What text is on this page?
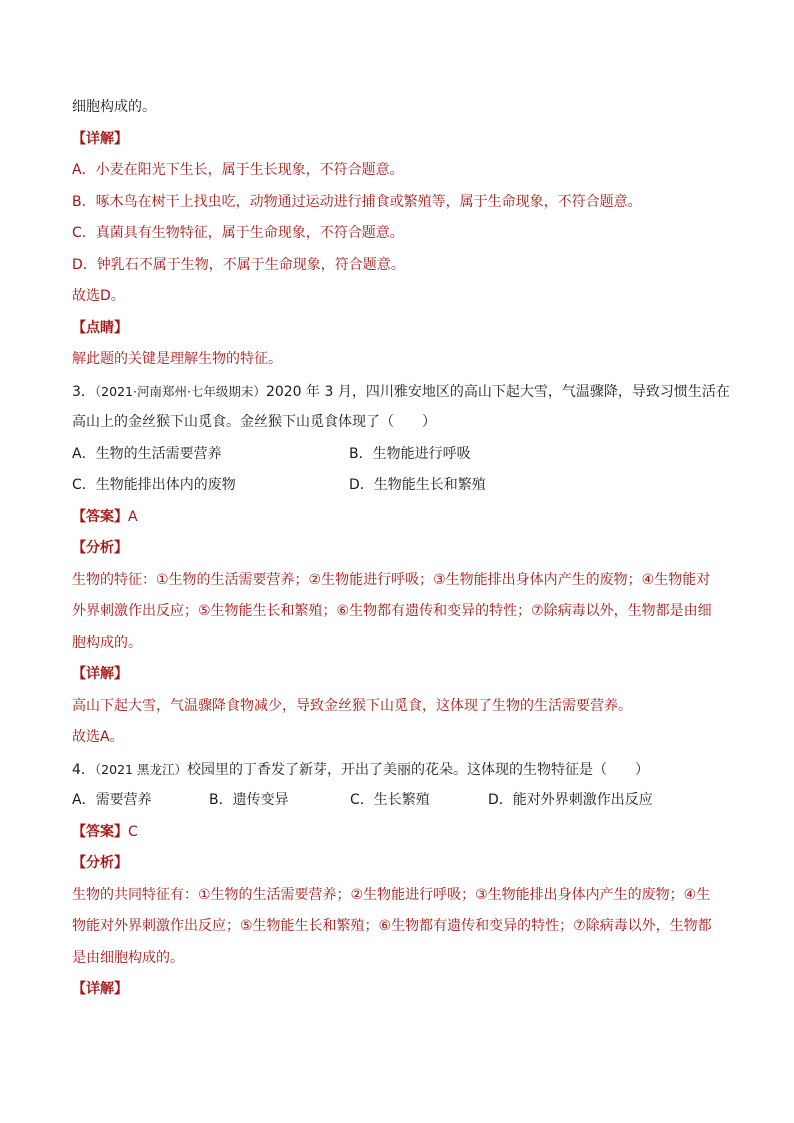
细胞构成的。
【详解】
A．小麦在阳光下生长，属于生长现象，不符合题意。
B．啄木鸟在树干上找虫吃，动物通过运动进行捕食或繁殖等，属于生命现象，不符合题意。
C．真菌具有生物特征，属于生命现象，不符合题意。
D．钟乳石不属于生物，不属于生命现象，符合题意。
故选D。
【点睛】
解此题的关键是理解生物的特征。
3．（2021·河南郑州·七年级期末）2020 年 3 月，四川雅安地区的高山下起大雪，气温骤降，导致习惯生活在
高山上的金丝猴下山觅食。金丝猴下山觅食体现了（　　）
A．生物的生活需要营养	B．生物能进行呼吸
C．生物能排出体内的废物	D．生物能生长和繁殖
【答案】A
【分析】
生物的特征：①生物的生活需要营养；②生物能进行呼吸；③生物能排出身体内产生的废物；④生物能对
外界刺激作出反应；⑤生物能生长和繁殖；⑥生物都有遗传和变异的特性；⑦除病毒以外，生物都是由细
胞构成的。
【详解】
高山下起大雪，气温骤降食物减少，导致金丝猴下山觅食，这体现了生物的生活需要营养。
故选A。
4．（2021 黑龙江）校园里的丁香发了新芽，开出了美丽的花朵。这体现的生物特征是（　　）
A．需要营养	B．遗传变异	C．生长繁殖	D．能对外界刺激作出反应
【答案】C
【分析】
生物的共同特征有：①生物的生活需要营养；②生物能进行呼吸；③生物能排出身体内产生的废物；④生
物能对外界刺激作出反应；⑤生物能生长和繁殖；⑥生物都有遗传和变异的特性；⑦除病毒以外，生物都
是由细胞构成的。
【详解】
